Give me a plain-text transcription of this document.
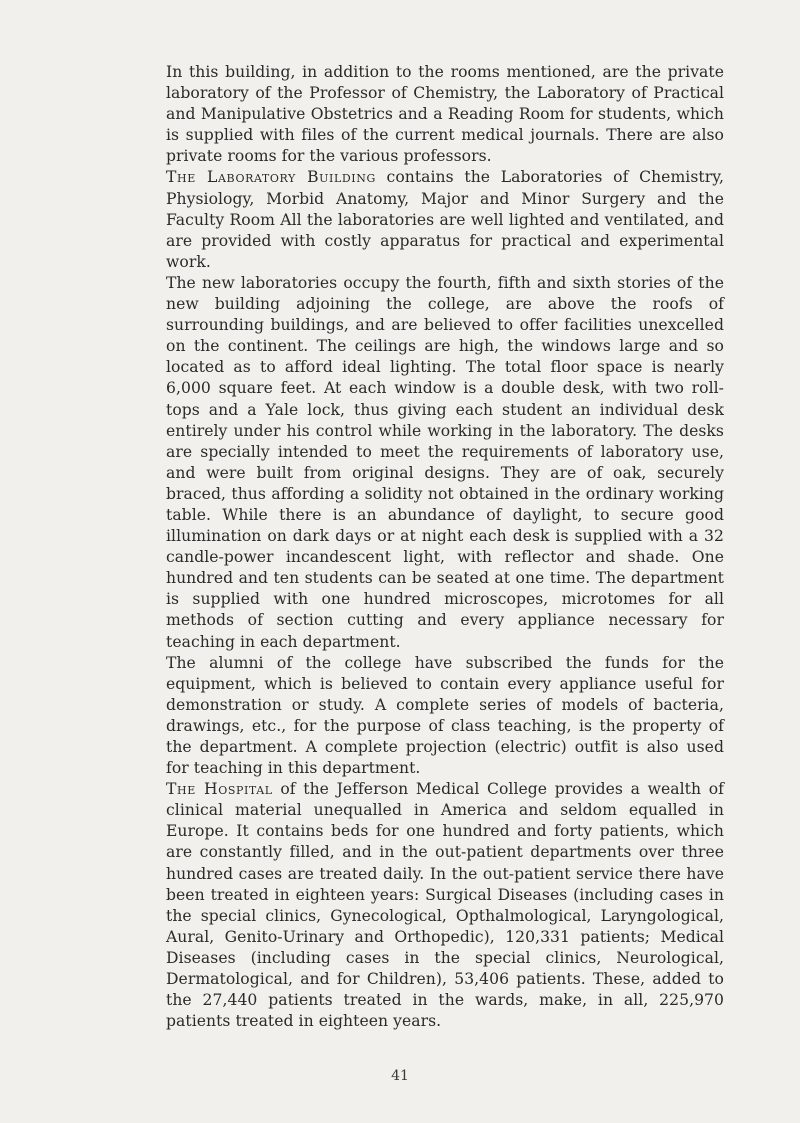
In this building, in addition to the rooms mentioned, are the private laboratory of the Professor of Chemistry, the Laboratory of Practical and Manipulative Obstetrics and a Reading Room for students, which is supplied with files of the current medical journals. There are also private rooms for the various professors.

The Laboratory Building contains the Laboratories of Chemistry, Physiology, Morbid Anatomy, Major and Minor Surgery and the Faculty Room All the laboratories are well lighted and ventilated, and are provided with costly apparatus for practical and experimental work.

The new laboratories occupy the fourth, fifth and sixth stories of the new building adjoining the college, are above the roofs of surrounding buildings, and are believed to offer facilities unexcelled on the continent. The ceilings are high, the windows large and so located as to afford ideal lighting. The total floor space is nearly 6,000 square feet. At each window is a double desk, with two roll-tops and a Yale lock, thus giving each student an individual desk entirely under his control while working in the laboratory. The desks are specially intended to meet the requirements of laboratory use, and were built from original designs. They are of oak, securely braced, thus affording a solidity not obtained in the ordinary working table. While there is an abundance of daylight, to secure good illumination on dark days or at night each desk is supplied with a 32 candle-power incandescent light, with reflector and shade. One hundred and ten students can be seated at one time. The department is supplied with one hundred microscopes, microtomes for all methods of section cutting and every appliance necessary for teaching in each department.

The alumni of the college have subscribed the funds for the equipment, which is believed to contain every appliance useful for demonstration or study. A complete series of models of bacteria, drawings, etc., for the purpose of class teaching, is the property of the department. A complete projection (electric) outfit is also used for teaching in this department.

The Hospital of the Jefferson Medical College provides a wealth of clinical material unequalled in America and seldom equalled in Europe. It contains beds for one hundred and forty patients, which are constantly filled, and in the out-patient departments over three hundred cases are treated daily. In the out-patient service there have been treated in eighteen years: Surgical Diseases (including cases in the special clinics, Gynecological, Opthalmological, Laryngological, Aural, Genito-Urinary and Orthopedic), 120,331 patients; Medical Diseases (including cases in the special clinics, Neurological, Dermatological, and for Children), 53,406 patients. These, added to the 27,440 patients treated in the wards, make, in all, 225,970 patients treated in eighteen years.

41
